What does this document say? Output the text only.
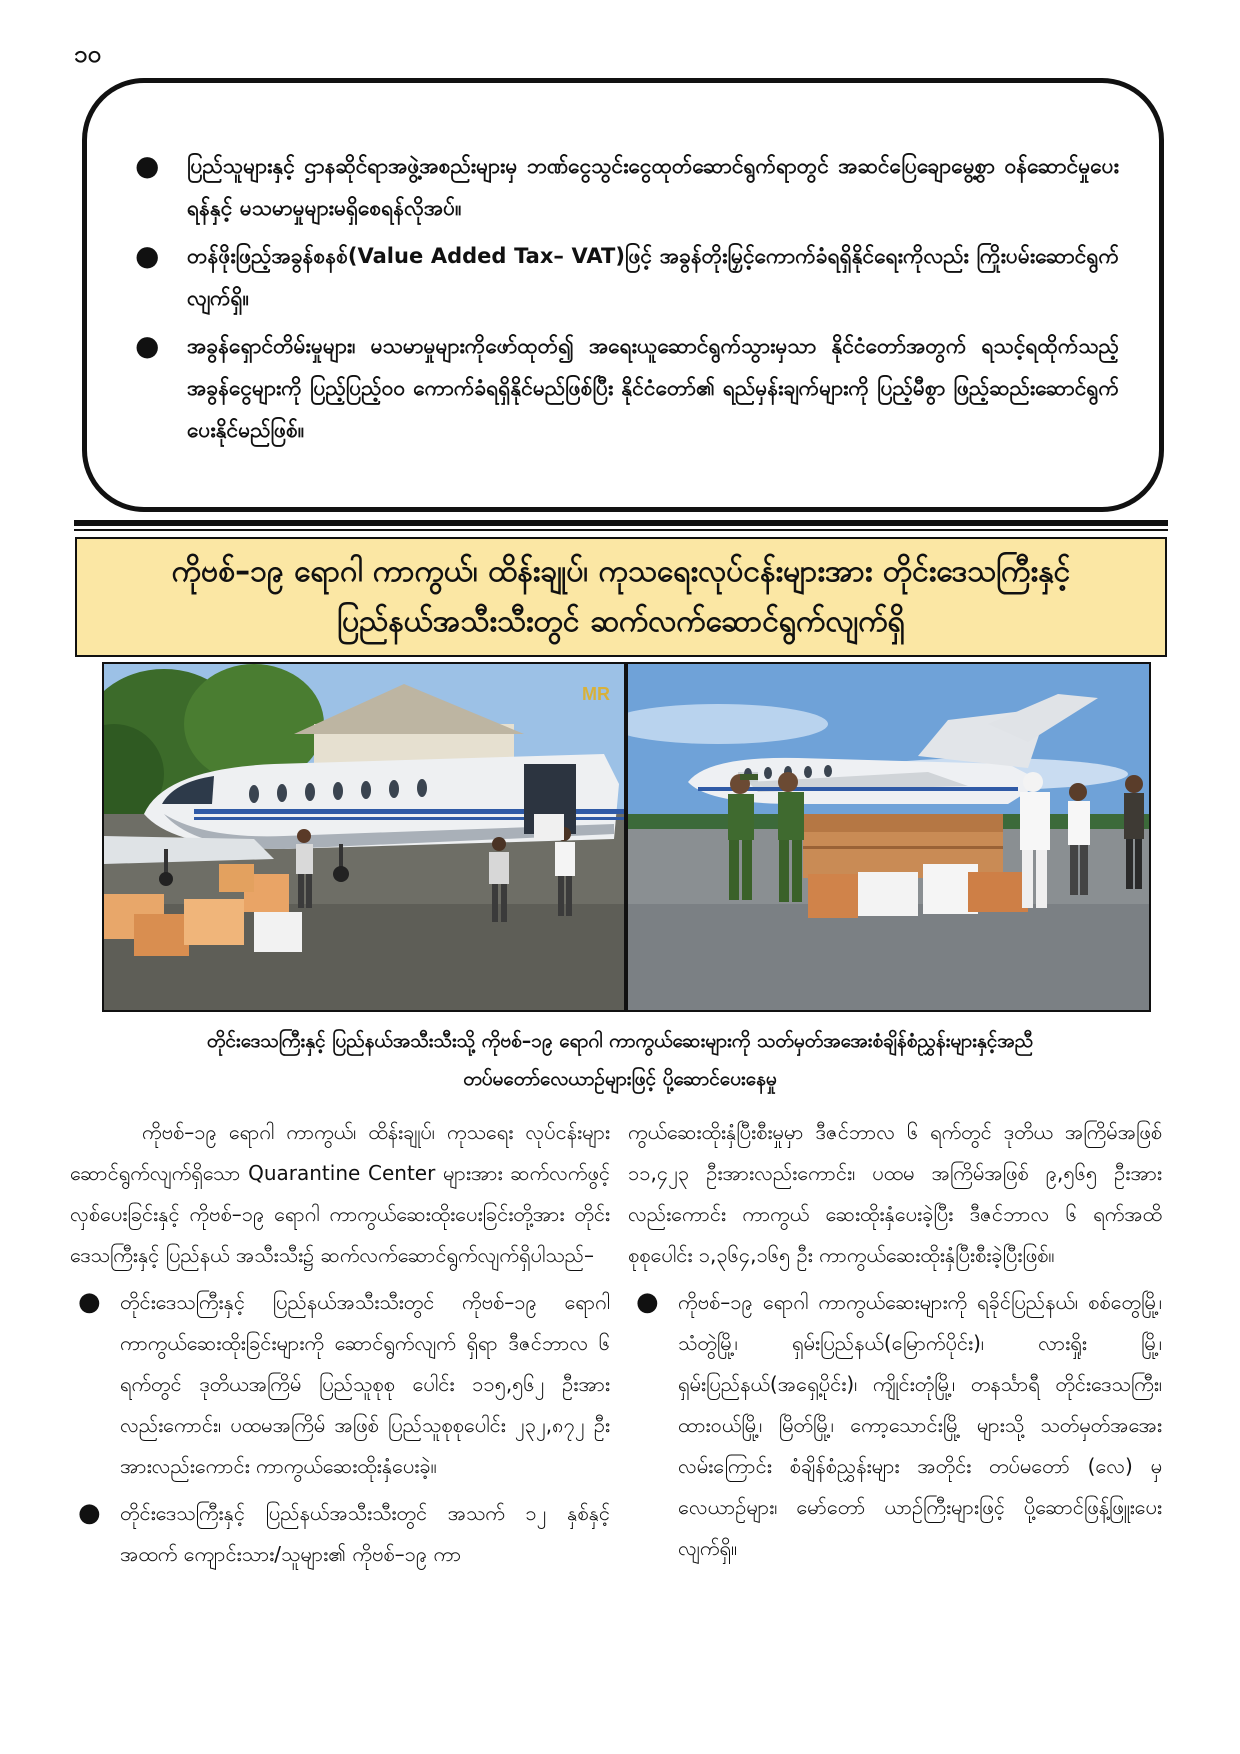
၁၀
● ပြည်သူများနှင့် ဌာနဆိုင်ရာအဖွဲ့အစည်းများမှ ဘဏ်ငွေသွင်းငွေထုတ်ဆောင်ရွက်ရာတွင် အဆင်ပြေချောမွေ့စွာ ဝန်ဆောင်မှုပေးရန်နှင့် မသမာမှုများမရှိစေရန်လိုအပ်။
● တန်ဖိုးဖြည့်အခွန်စနစ်(Value Added Tax– VAT)ဖြင့် အခွန်တိုးမြှင့်ကောက်ခံရရှိနိုင်ရေးကိုလည်း ကြိုးပမ်းဆောင်ရွက်လျက်ရှိ။
● အခွန်ရှောင်တိမ်းမှုများ၊ မသမာမှုများကိုဖော်ထုတ်၍ အရေးယူဆောင်ရွက်သွားမှသာ နိုင်ငံတော်အတွက် ရသင့်ရထိုက်သည့် အခွန်ငွေများကို ပြည့်ပြည့်ဝဝ ကောက်ခံရရှိနိုင်မည်ဖြစ်ပြီး နိုင်ငံတော်၏ ရည်မှန်းချက်များကို ပြည့်မီစွာ ဖြည့်ဆည်းဆောင်ရွက်ပေးနိုင်မည်ဖြစ်။
ကိုဗစ်–၁၉ ရောဂါ ကာကွယ်၊ ထိန်းချုပ်၊ ကုသရေးလုပ်ငန်းများအား တိုင်းဒေသကြီးနှင့်
ပြည်နယ်အသီးသီးတွင် ဆက်လက်ဆောင်ရွက်လျက်ရှိ
MR
တိုင်းဒေသကြီးနှင့် ပြည်နယ်အသီးသီးသို့ ကိုဗစ်–၁၉ ရောဂါ ကာကွယ်ဆေးများကို သတ်မှတ်အအေးစံချိန်စံညွှန်းများနှင့်အညီ
တပ်မတော်လေယာဉ်များဖြင့် ပို့ဆောင်ပေးနေမှု

ကိုဗစ်–၁၉ ရောဂါ ကာကွယ်၊ ထိန်းချုပ်၊ ကုသရေး လုပ်ငန်းများ ဆောင်ရွက်လျက်ရှိသော Quarantine Center များအား ဆက်လက်ဖွင့်လှစ်ပေးခြင်းနှင့် ကိုဗစ်–၁၉ ရောဂါ ကာကွယ်ဆေးထိုးပေးခြင်းတို့အား တိုင်းဒေသကြီးနှင့် ပြည်နယ် အသီးသီး၌ ဆက်လက်ဆောင်ရွက်လျက်ရှိပါသည်–

● တိုင်းဒေသကြီးနှင့် ပြည်နယ်အသီးသီးတွင် ကိုဗစ်–၁၉ ရောဂါ ကာကွယ်ဆေးထိုးခြင်းများကို ဆောင်ရွက်လျက် ရှိရာ ဒီဇင်ဘာလ ၆ ရက်တွင် ဒုတိယအကြိမ် ပြည်သူစုစု ပေါင်း ၁၁၅,၅၆၂ ဦးအားလည်းကောင်း၊ ပထမအကြိမ် အဖြစ် ပြည်သူစုစုပေါင်း ၂၃၂,၈၇၂ ဦးအားလည်းကောင်း ကာကွယ်ဆေးထိုးနှံပေးခဲ့။
● တိုင်းဒေသကြီးနှင့် ပြည်နယ်အသီးသီးတွင် အသက် ၁၂ နှစ်နှင့်အထက် ကျောင်းသား/သူများ၏ ကိုဗစ်–၁၉ ကာ

ကွယ်ဆေးထိုးနှံပြီးစီးမှုမှာ ဒီဇင်ဘာလ ၆ ရက်တွင် ဒုတိယ အကြိမ်အဖြစ် ၁၁,၄၂၃ ဦးအားလည်းကောင်း၊ ပထမ အကြိမ်အဖြစ် ၉,၅၆၅ ဦးအားလည်းကောင်း ကာကွယ် ဆေးထိုးနှံပေးခဲ့ပြီး ဒီဇင်ဘာလ ၆ ရက်အထိ စုစုပေါင်း ၁,၃၆၄,၁၆၅ ဦး ကာကွယ်ဆေးထိုးနှံပြီးစီးခဲ့ပြီးဖြစ်။

● ကိုဗစ်–၁၉ ရောဂါ ကာကွယ်ဆေးများကို ရခိုင်ပြည်နယ်၊ စစ်တွေမြို့၊ သံတွဲမြို့၊ ရှမ်းပြည်နယ်(မြောက်ပိုင်း)၊ လားရှိုး မြို့၊ ရှမ်းပြည်နယ်(အရှေ့ပိုင်း)၊ ကျိုင်းတုံမြို့၊ တနင်္သာရီ တိုင်းဒေသကြီး၊ ထားဝယ်မြို့၊ မြိတ်မြို့၊ ကော့သောင်းမြို့ များသို့ သတ်မှတ်အအေးလမ်းကြောင်း စံချိန်စံညွှန်းများ အတိုင်း တပ်မတော် (လေ) မှ လေယာဉ်များ၊ မော်တော် ယာဉ်ကြီးများဖြင့် ပို့ဆောင်ဖြန့်ဖြူးပေးလျက်ရှိ။
